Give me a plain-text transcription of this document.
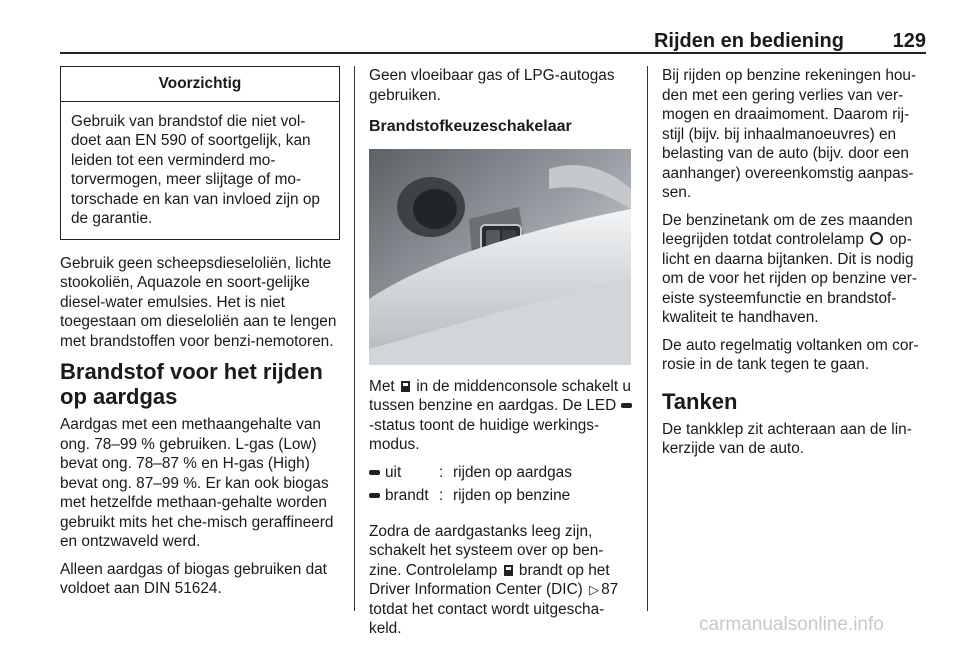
Rijden en bediening 129
Voorzichtig
Gebruik van brandstof die niet vol-doet aan EN 590 of soortgelijk, kan leiden tot een verminderd mo-torvermogen, meer slijtage of mo-torschade en kan van invloed zijn op de garantie.

Gebruik geen scheepsdieseloliën, lichte stookoliën, Aquazole en soort-gelijke diesel-water emulsies. Het is niet toegestaan om dieseloliën aan te lengen met brandstoffen voor benzi-nemotoren.

Brandstof voor het rijden op aardgas

Aardgas met een methaangehalte van ong. 78–99 % gebruiken. L-gas (Low) bevat ong. 78–87 % en H-gas (High) bevat ong. 87–99 %. Er kan ook biogas met hetzelfde methaan-gehalte worden gebruikt mits het che-misch geraffineerd en ontzwaveld werd.

Alleen aardgas of biogas gebruiken dat voldoet aan DIN 51624.

Geen vloeibaar gas of LPG-autogas gebruiken.

Brandstofkeuzeschakelaar

Met in de middenconsole schakelt u tussen benzine en aardgas. De LED -status toont de huidige werkings-modus.

uit	: rijden op aardgas
brandt : rijden op benzine

Zodra de aardgastanks leeg zijn, schakelt het systeem over op ben-zine. Controlelamp brandt op het Driver Information Center (DIC) ▷ 87 totdat het contact wordt uitgescha-keld.

Bij rijden op benzine rekeningen hou-den met een gering verlies van ver-mogen en draaimoment. Daarom rij-stijl (bijv. bij inhaalmanoeuvres) en belasting van de auto (bijv. door een aanhanger) overeenkomstig aanpas-sen.

De benzinetank om de zes maanden leegrijden totdat controlelamp op-licht en daarna bijtanken. Dit is nodig om de voor het rijden op benzine ver-eiste systeemfunctie en brandstof-kwaliteit te handhaven.

De auto regelmatig voltanken om cor-rosie in de tank tegen te gaan.

Tanken

De tankklep zit achteraan aan de lin-kerzijde van de auto.

carmanualsonline.info
